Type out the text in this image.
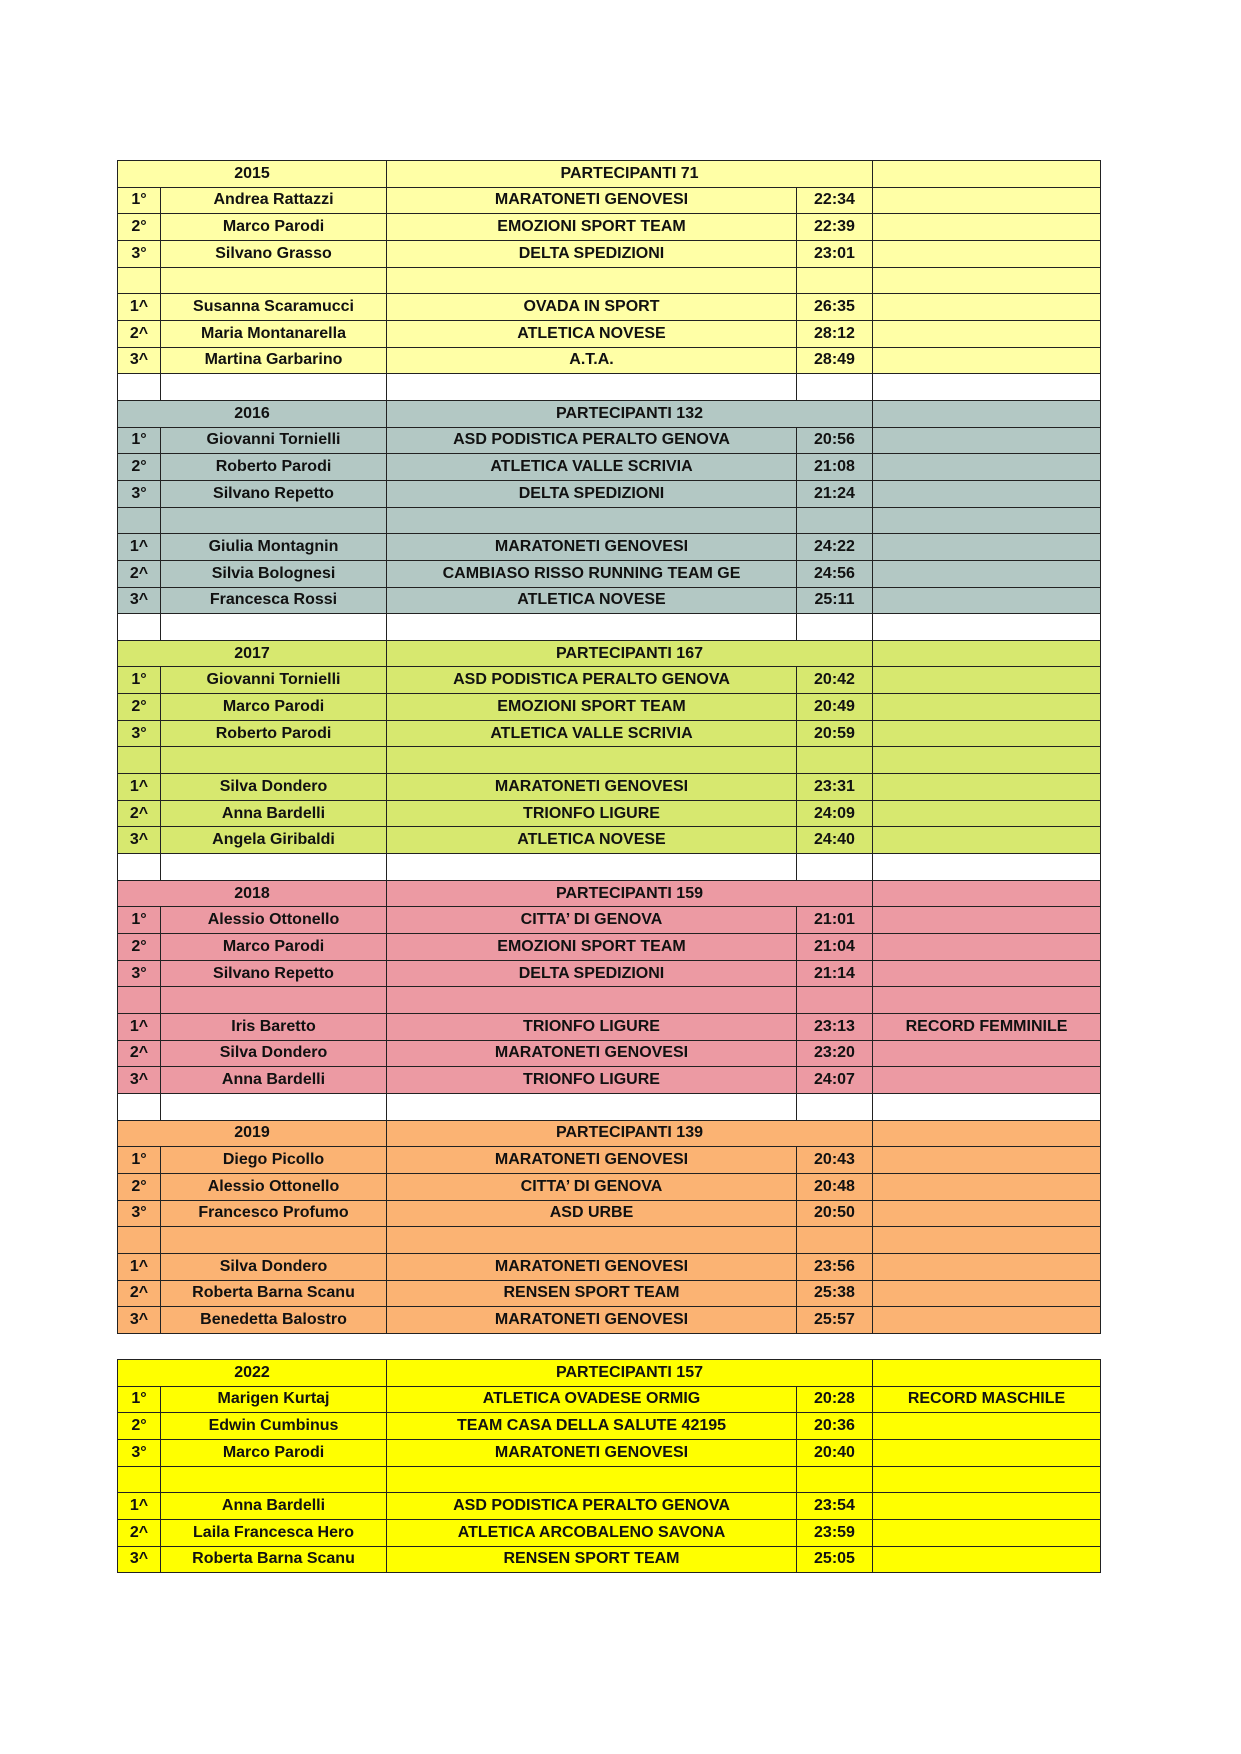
2015		PARTECIPANTI 71		
1°	Andrea Rattazzi	MARATONETI GENOVESI	22:34	
2°	Marco Parodi	EMOZIONI SPORT TEAM	22:39	
3°	Silvano Grasso	DELTA SPEDIZIONI	23:01	

1^	Susanna Scaramucci	OVADA IN SPORT	26:35	
2^	Maria Montanarella	ATLETICA NOVESE	28:12	
3^	Martina Garbarino	A.T.A.	28:49	

2016		PARTECIPANTI 132		
1°	Giovanni Tornielli	ASD PODISTICA PERALTO GENOVA	20:56	
2°	Roberto Parodi	ATLETICA VALLE SCRIVIA	21:08	
3°	Silvano Repetto	DELTA SPEDIZIONI	21:24	

1^	Giulia Montagnin	MARATONETI GENOVESI	24:22	
2^	Silvia Bolognesi	CAMBIASO RISSO RUNNING TEAM GE	24:56	
3^	Francesca Rossi	ATLETICA NOVESE	25:11	

2017		PARTECIPANTI 167		
1°	Giovanni Tornielli	ASD PODISTICA PERALTO GENOVA	20:42	
2°	Marco Parodi	EMOZIONI SPORT TEAM	20:49	
3°	Roberto Parodi	ATLETICA VALLE SCRIVIA	20:59	

1^	Silva Dondero	MARATONETI GENOVESI	23:31	
2^	Anna Bardelli	TRIONFO LIGURE	24:09	
3^	Angela Giribaldi	ATLETICA NOVESE	24:40	

2018		PARTECIPANTI 159		
1°	Alessio Ottonello	CITTA’ DI GENOVA	21:01	
2°	Marco Parodi	EMOZIONI SPORT TEAM	21:04	
3°	Silvano Repetto	DELTA SPEDIZIONI	21:14	

1^	Iris Baretto	TRIONFO LIGURE	23:13	RECORD FEMMINILE
2^	Silva Dondero	MARATONETI GENOVESI	23:20	
3^	Anna Bardelli	TRIONFO LIGURE	24:07	

2019		PARTECIPANTI 139		
1°	Diego Picollo	MARATONETI GENOVESI	20:43	
2°	Alessio Ottonello	CITTA’ DI GENOVA	20:48	
3°	Francesco Profumo	ASD URBE	20:50	

1^	Silva Dondero	MARATONETI GENOVESI	23:56	
2^	Roberta Barna Scanu	RENSEN SPORT TEAM	25:38	
3^	Benedetta Balostro	MARATONETI GENOVESI	25:57	
2022		PARTECIPANTI 157		
1°	Marigen Kurtaj	ATLETICA OVADESE ORMIG	20:28	RECORD MASCHILE
2°	Edwin Cumbinus	TEAM CASA DELLA SALUTE 42195	20:36	
3°	Marco Parodi	MARATONETI GENOVESI	20:40	

1^	Anna Bardelli	ASD PODISTICA PERALTO GENOVA	23:54	
2^	Laila Francesca Hero	ATLETICA ARCOBALENO SAVONA	23:59	
3^	Roberta Barna Scanu	RENSEN SPORT TEAM	25:05	
